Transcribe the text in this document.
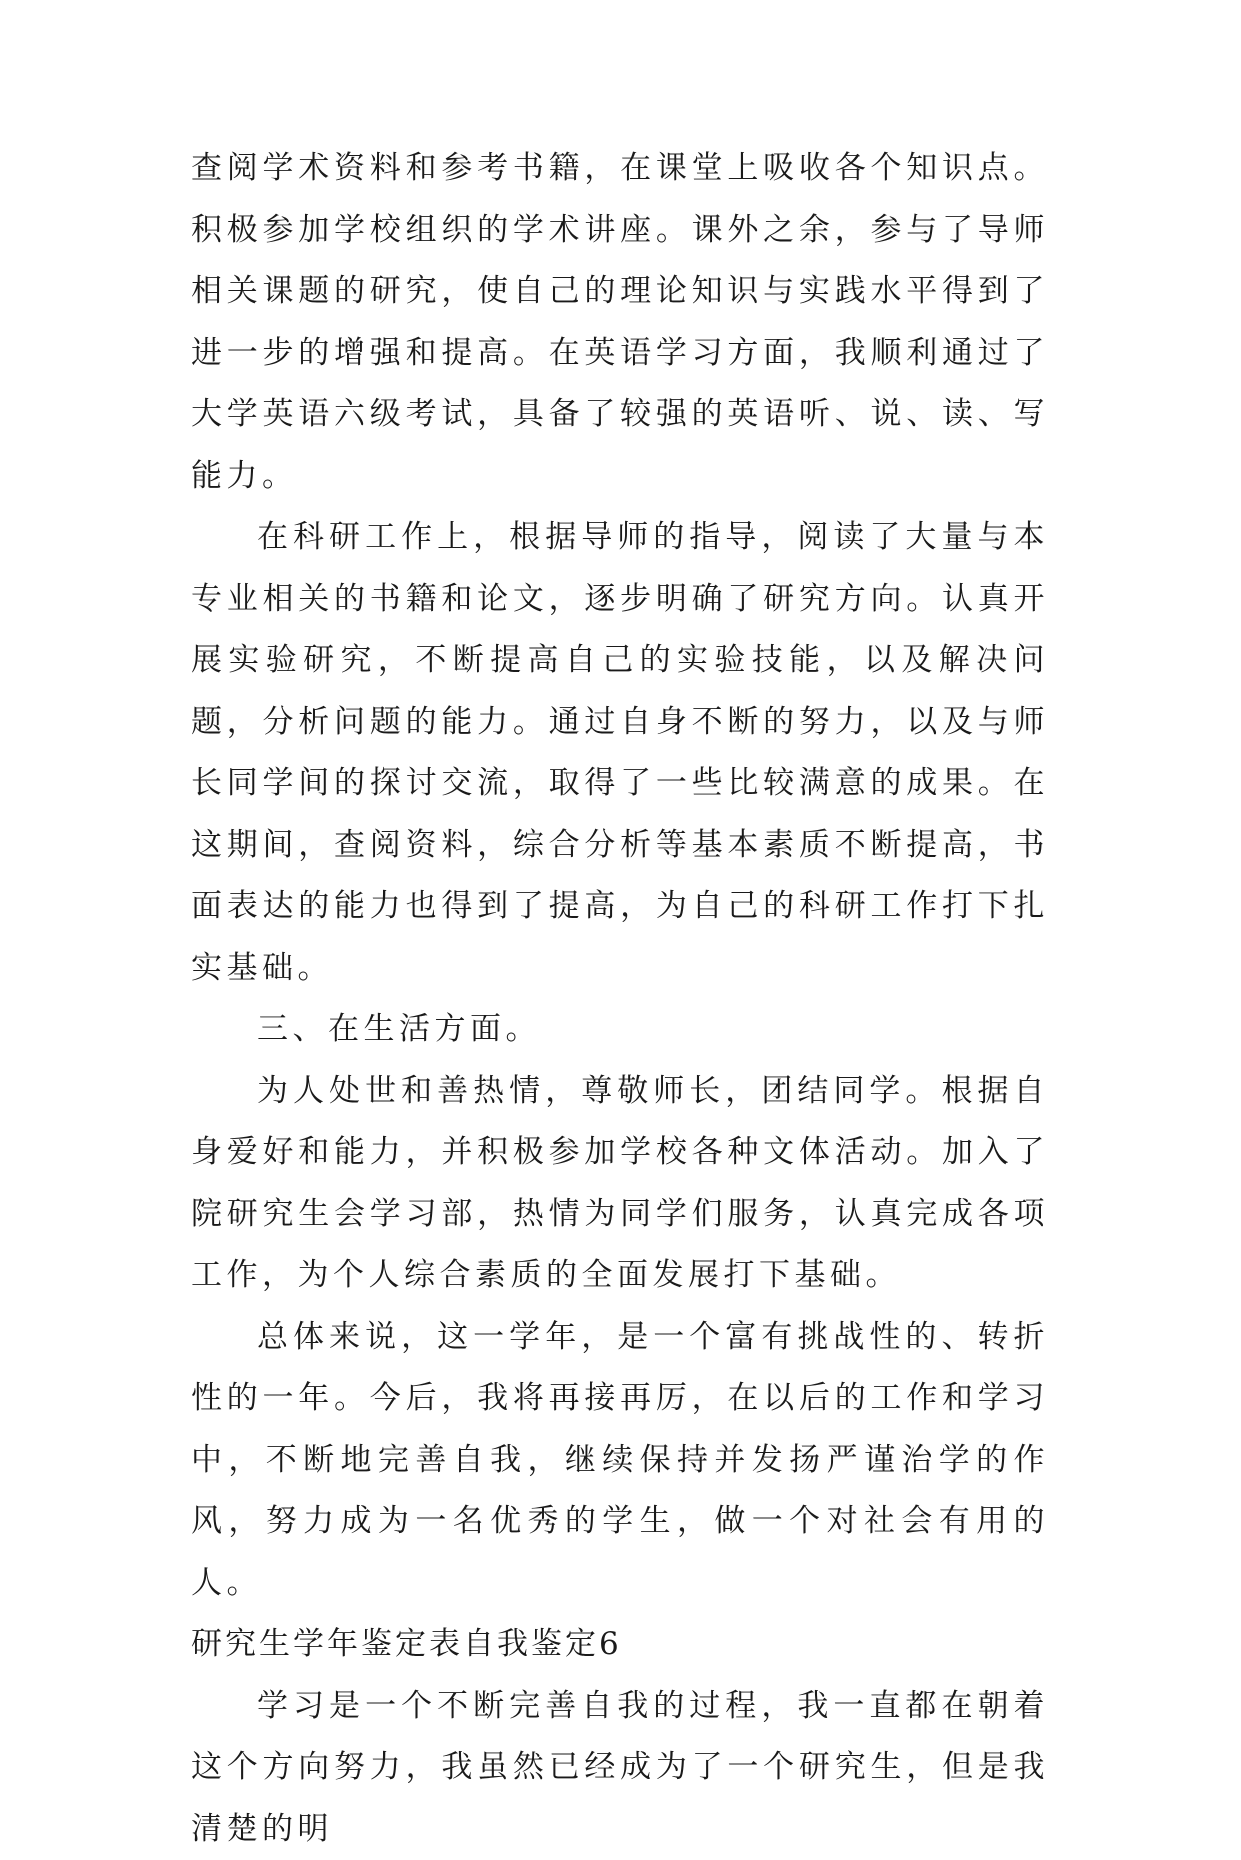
查阅学术资料和参考书籍，在课堂上吸收各个知识点。积极参加学校组织的学术讲座。课外之余，参与了导师相关课题的研究，使自己的理论知识与实践水平得到了进一步的增强和提高。在英语学习方面，我顺利通过了大学英语六级考试，具备了较强的英语听、说、读、写能力。

在科研工作上，根据导师的指导，阅读了大量与本专业相关的书籍和论文，逐步明确了研究方向。认真开展实验研究，不断提高自己的实验技能，以及解决问题，分析问题的能力。通过自身不断的努力，以及与师长同学间的探讨交流，取得了一些比较满意的成果。在这期间，查阅资料，综合分析等基本素质不断提高，书面表达的能力也得到了提高，为自己的科研工作打下扎实基础。

三、在生活方面。

为人处世和善热情，尊敬师长，团结同学。根据自身爱好和能力，并积极参加学校各种文体活动。加入了院研究生会学习部，热情为同学们服务，认真完成各项工作，为个人综合素质的全面发展打下基础。

总体来说，这一学年，是一个富有挑战性的、转折性的一年。今后，我将再接再厉，在以后的工作和学习中，不断地完善自我，继续保持并发扬严谨治学的作风，努力成为一名优秀的学生，做一个对社会有用的人。

研究生学年鉴定表自我鉴定6

学习是一个不断完善自我的过程，我一直都在朝着这个方向努力，我虽然已经成为了一个研究生，但是我清楚的明
